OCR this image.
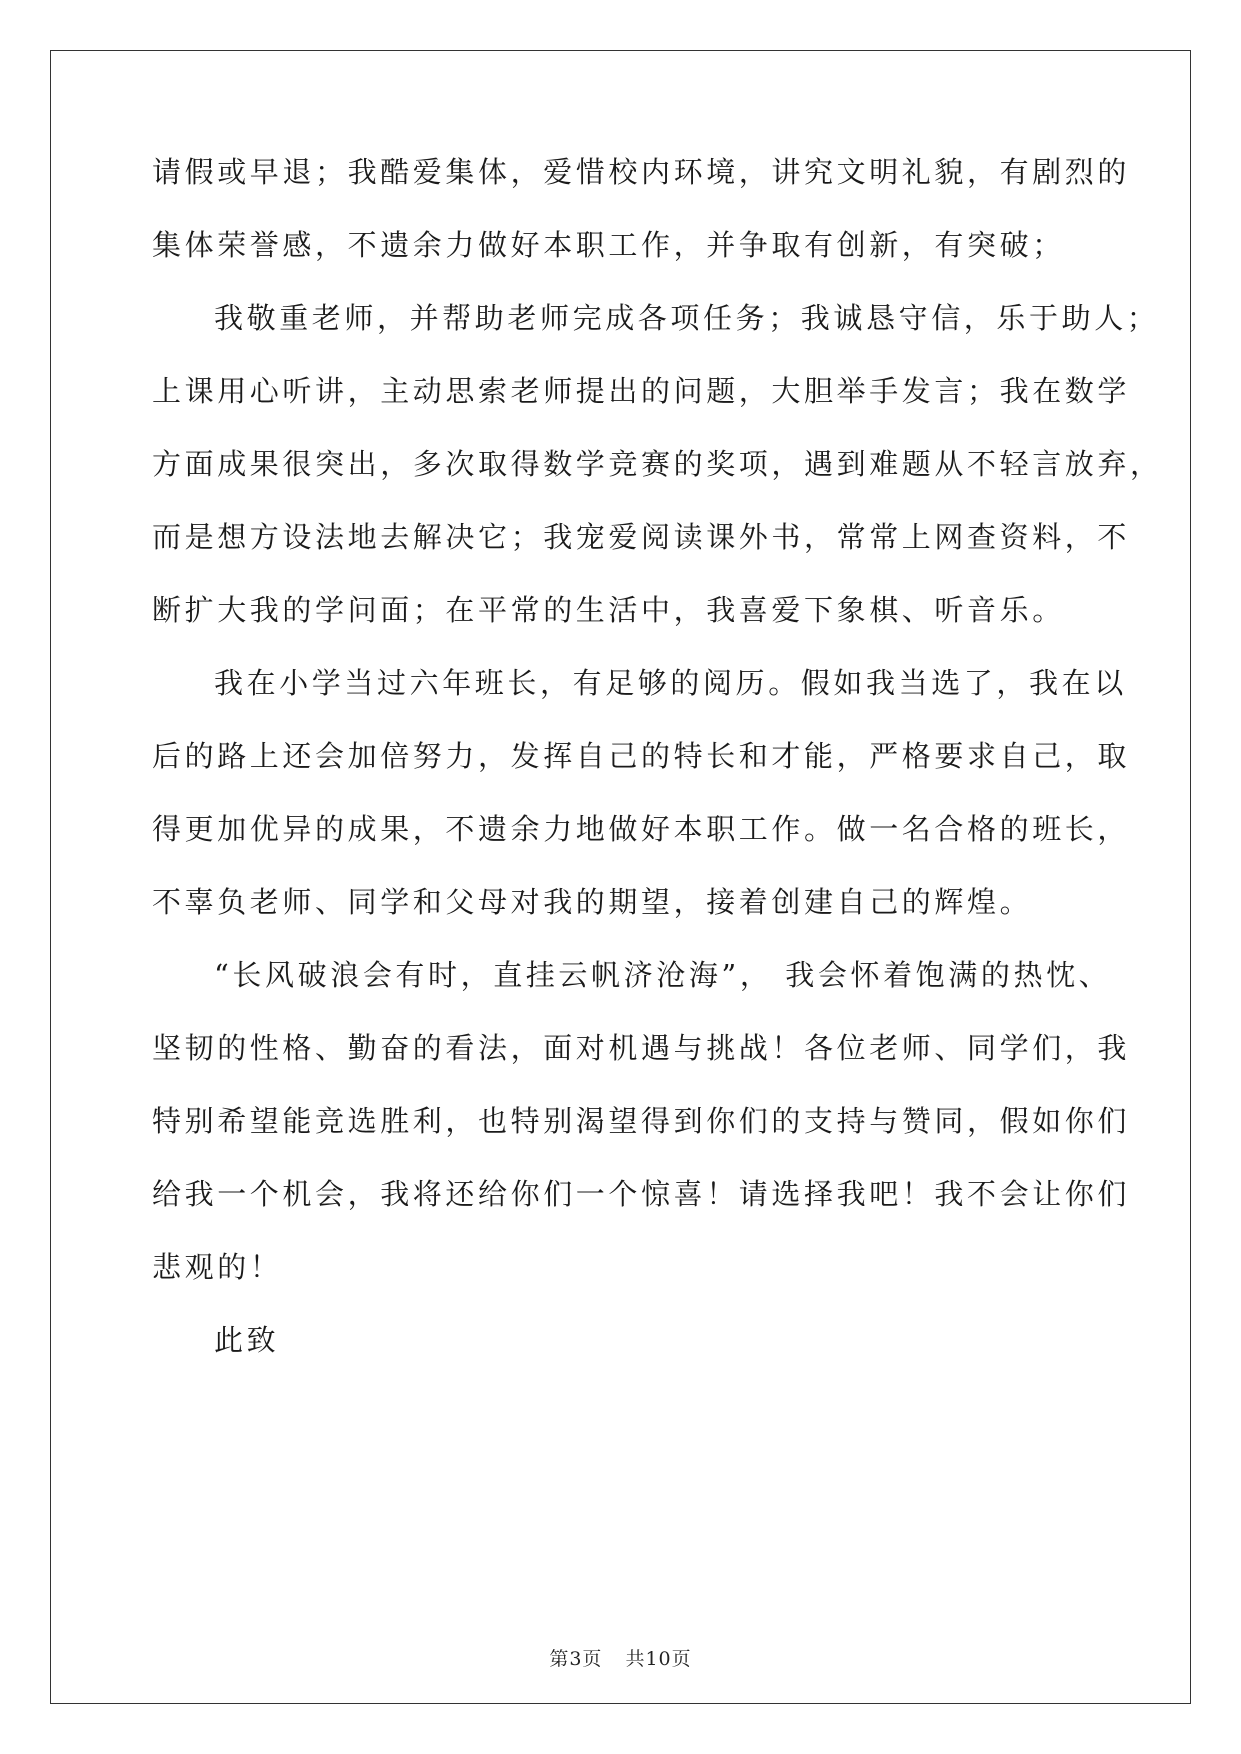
请假或早退；我酷爱集体，爱惜校内环境，讲究文明礼貌，有剧烈的
集体荣誉感，不遗余力做好本职工作，并争取有创新，有突破；
我敬重老师，并帮助老师完成各项任务；我诚恳守信，乐于助人；
上课用心听讲，主动思索老师提出的问题，大胆举手发言；我在数学
方面成果很突出，多次取得数学竞赛的奖项，遇到难题从不轻言放弃，
而是想方设法地去解决它；我宠爱阅读课外书，常常上网查资料，不
断扩大我的学问面；在平常的生活中，我喜爱下象棋、听音乐。
我在小学当过六年班长，有足够的阅历。假如我当选了，我在以
后的路上还会加倍努力，发挥自己的特长和才能，严格要求自己，取
得更加优异的成果，不遗余力地做好本职工作。做一名合格的班长，
不辜负老师、同学和父母对我的期望，接着创建自己的辉煌。
“长风破浪会有时，直挂云帆济沧海”， 我会怀着饱满的热忱、
坚韧的性格、勤奋的看法，面对机遇与挑战！各位老师、同学们，我
特别希望能竞选胜利，也特别渴望得到你们的支持与赞同，假如你们
给我一个机会，我将还给你们一个惊喜！请选择我吧！我不会让你们
悲观的！
此致
第3页 共10页
